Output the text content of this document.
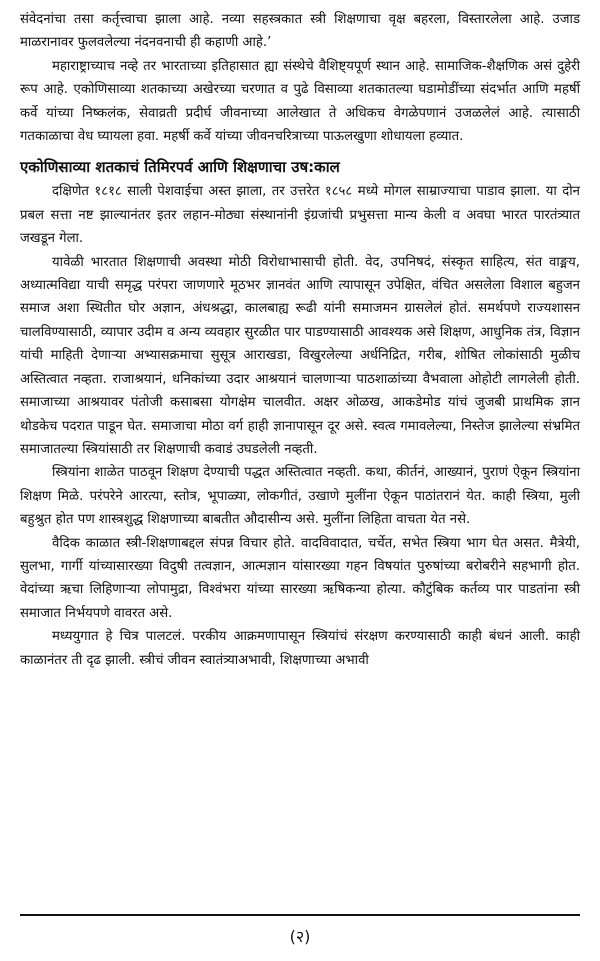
संवेदनांचा तसा कर्तृत्त्वाचा झाला आहे. नव्या सहस्त्रकात स्त्री शिक्षणाचा वृक्ष बहरला, विस्तारलेला आहे. उजाड माळरानावर फुलवलेल्या नंदनवनाची ही कहाणी आहे.’

महाराष्ट्राच्याच नव्हे तर भारताच्या इतिहासात ह्या संस्थेचे वैशिष्ट्यपूर्ण स्थान आहे. सामाजिक-शैक्षणिक असं दुहेरी रूप आहे. एकोणिसाव्या शतकाच्या अखेरच्या चरणात व पुढे विसाव्या शतकातल्या घडामोडींच्या संदर्भात आणि महर्षी कर्वे यांच्या निष्कलंक, सेवाव्रती प्रदीर्घ जीवनाच्या आलेखात ते अधिकच वेगळेपणानं उजळलेलं आहे. त्यासाठी गतकाळाचा वेध घ्यायला हवा. महर्षी कर्वे यांच्या जीवनचरित्राच्या पाऊलखुणा शोधायला हव्यात.

एकोणिसाव्या शतकाचं तिमिरपर्व आणि शिक्षणाचा उष:काल

दक्षिणेत १८१८ साली पेशवाईचा अस्त झाला, तर उत्तरेत १८५८ मध्ये मोगल साम्राज्याचा पाडाव झाला. या दोन प्रबल सत्ता नष्ट झाल्यानंतर इतर लहान-मोठ्या संस्थानांनी इंग्रजांची प्रभुसत्ता मान्य केली व अवघा भारत पारतंत्र्यात जखडून गेला.

यावेळी भारतात शिक्षणाची अवस्था मोठी विरोधाभासाची होती. वेद, उपनिषदं, संस्कृत साहित्य, संत वाङ्मय, अध्यात्मविद्या याची समृद्ध परंपरा जाणणारे मूठभर ज्ञानवंत आणि त्यापासून उपेक्षित, वंचित असलेला विशाल बहुजन समाज अशा स्थितीत घोर अज्ञान, अंधश्रद्धा, कालबाह्य रूढी यांनी समाजमन ग्रासलेलं होतं. समर्थपणे राज्यशासन चालविण्यासाठी, व्यापार उदीम व अन्य व्यवहार सुरळीत पार पाडण्यासाठी आवश्यक असे शिक्षण, आधुनिक तंत्र, विज्ञान यांची माहिती देणाऱ्या अभ्यासक्रमाचा सुसूत्र आराखडा, विखुरलेल्या अर्धनिद्रित, गरीब, शोषित लोकांसाठी मुळीच अस्तित्वात नव्हता. राजाश्रयानं, धनिकांच्या उदार आश्रयानं चालणाऱ्या पाठशाळांच्या वैभवाला ओहोटी लागलेली होती. समाजाच्या आश्रयावर पंतोजी कसाबसा योगक्षेम चालवीत. अक्षर ओळख, आकडेमोड यांचं जुजबी प्राथमिक ज्ञान थोडकेच पदरात पाडून घेत. समाजाचा मोठा वर्ग हाही ज्ञानापासून दूर असे. स्वत्व गमावलेल्या, निस्तेज झालेल्या संभ्रमित समाजातल्या स्त्रियांसाठी तर शिक्षणाची कवाडं उघडलेली नव्हती.

स्त्रियांना शाळेत पाठवून शिक्षण देण्याची पद्धत अस्तित्वात नव्हती. कथा, कीर्तनं, आख्यानं, पुराणं ऐकून स्त्रियांना शिक्षण मिळे. परंपरेने आरत्या, स्तोत्र, भूपाळ्या, लोकगीतं, उखाणे मुलींना ऐकून पाठांतरानं येत. काही स्त्रिया, मुली बहुश्रुत होत पण शास्त्रशुद्ध शिक्षणाच्या बाबतीत औदासीन्य असे. मुलींना लिहिता वाचता येत नसे.

वैदिक काळात स्त्री-शिक्षणाबद्दल संपन्न विचार होते. वादविवादात, चर्चेत, सभेत स्त्रिया भाग घेत असत. मैत्रेयी, सुलभा, गार्गी यांच्यासारख्या विदुषी तत्वज्ञान, आत्मज्ञान यांसारख्या गहन विषयांत पुरुषांच्या बरोबरीने सहभागी होत. वेदांच्या ऋचा लिहिणाऱ्या लोपामुद्रा, विश्वंभरा यांच्या सारख्या ऋषिकन्या होत्या. कौटुंबिक कर्तव्य पार पाडतांना स्त्री समाजात निर्भयपणे वावरत असे.

मध्ययुगात हे चित्र पालटलं. परकीय आक्रमणापासून स्त्रियांचं संरक्षण करण्यासाठी काही बंधनं आली. काही काळानंतर ती दृढ झाली. स्त्रीचं जीवन स्वातंत्र्याअभावी, शिक्षणाच्या अभावी

(२)
